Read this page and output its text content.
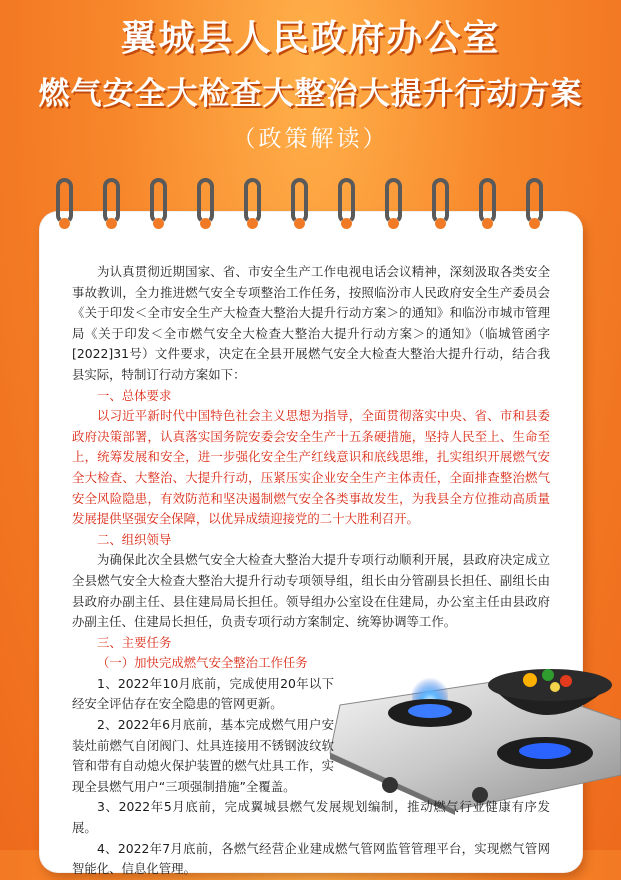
翼城县人民政府办公室
燃气安全大检查大整治大提升行动方案
（政策解读）

为认真贯彻近期国家、省、市安全生产工作电视电话会议精神，深刻汲取各类安全事故教训，全力推进燃气安全专项整治工作任务，按照临汾市人民政府安全生产委员会《关于印发＜全市安全生产大检查大整治大提升行动方案＞的通知》和临汾市城市管理局《关于印发＜全市燃气安全大检查大整治大提升行动方案＞的通知》（临城管函字[2022]31号）文件要求，决定在全县开展燃气安全大检查大整治大提升行动，结合我县实际，特制订行动方案如下：

一、总体要求

以习近平新时代中国特色社会主义思想为指导，全面贯彻落实中央、省、市和县委政府决策部署，认真落实国务院安委会安全生产十五条硬措施，坚持人民至上、生命至上，统筹发展和安全，进一步强化安全生产红线意识和底线思维，扎实组织开展燃气安全大检查、大整治、大提升行动，压紧压实企业安全生产主体责任，全面排查整治燃气安全风险隐患，有效防范和坚决遏制燃气安全各类事故发生，为我县全方位推动高质量发展提供坚强安全保障，以优异成绩迎接党的二十大胜利召开。

二、组织领导

为确保此次全县燃气安全大检查大整治大提升专项行动顺利开展，县政府决定成立全县燃气安全大检查大整治大提升行动专项领导组，组长由分管副县长担任、副组长由县政府办副主任、县住建局局长担任。领导组办公室设在住建局，办公室主任由县政府办副主任、住建局长担任，负责专项行动方案制定、统筹协调等工作。

三、主要任务

（一）加快完成燃气安全整治工作任务

1、2022年10月底前，完成使用20年以下经安全评估存在安全隐患的管网更新。

2、2022年6月底前，基本完成燃气用户安装灶前燃气自闭阀门、灶具连接用不锈钢波纹软管和带有自动熄火保护装置的燃气灶具工作，实现全县燃气用户“三项强制措施”全覆盖。

3、2022年5月底前，完成翼城县燃气发展规划编制，推动燃气行业健康有序发展。

4、2022年7月底前，各燃气经营企业建成燃气管网监管管理平台，实现燃气管网智能化、信息化管理。
